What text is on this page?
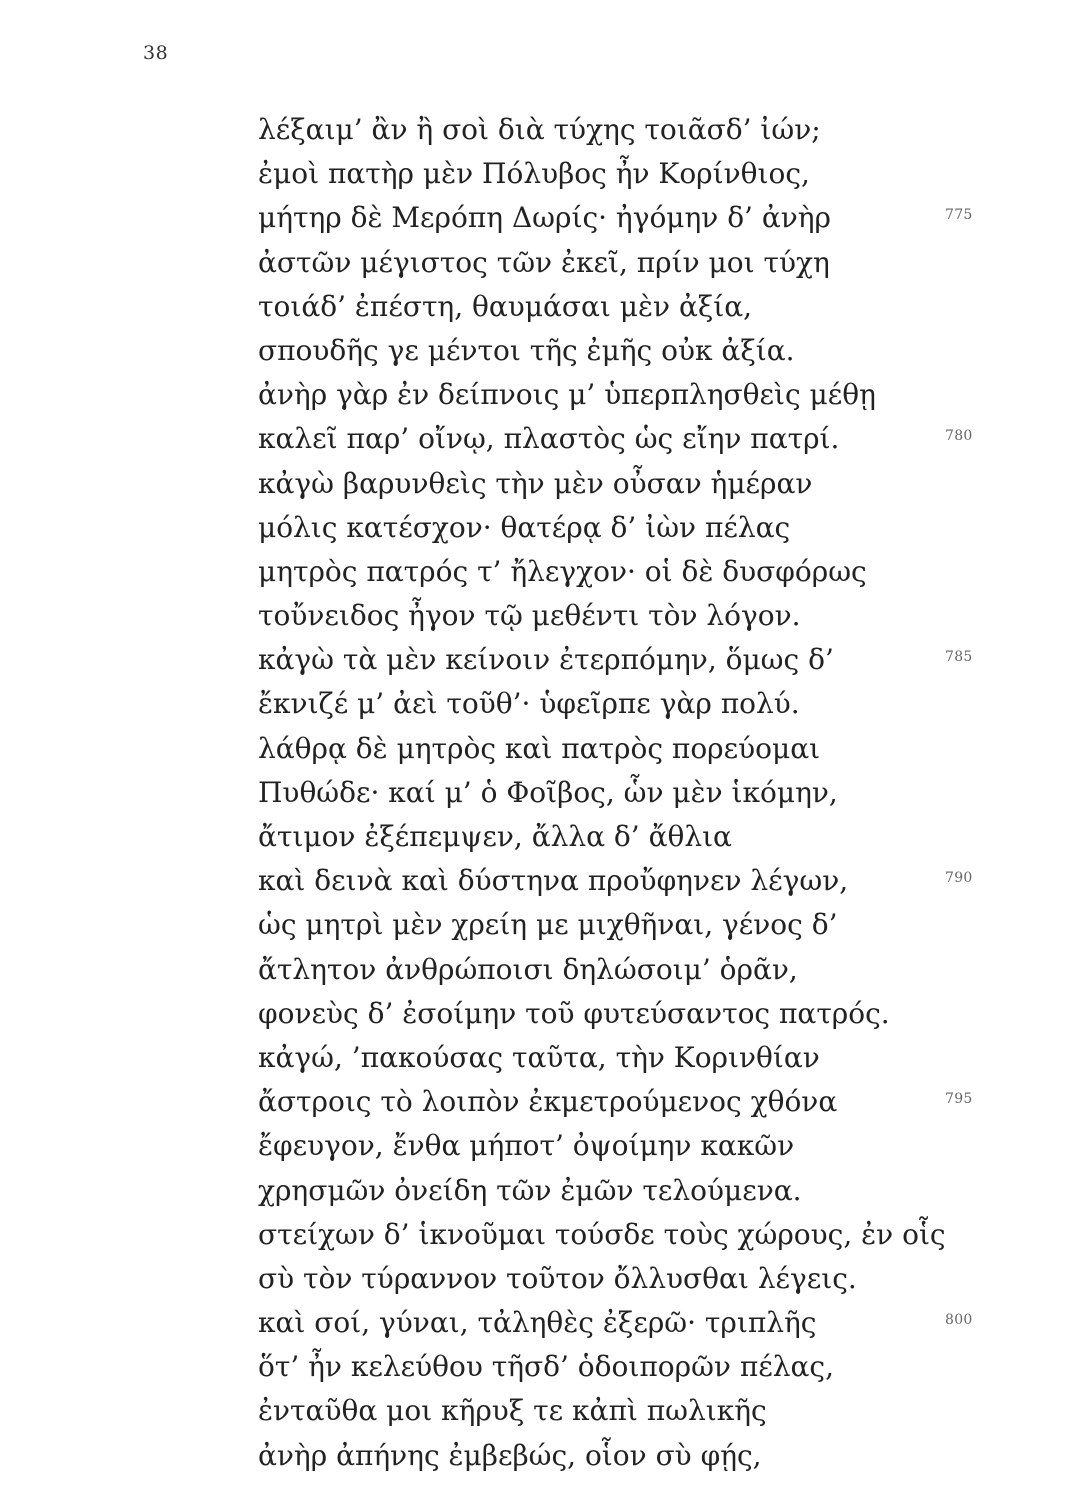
38
λέξαιμ’ ἂν ἢ σοὶ διὰ τύχης τοιᾶσδ’ ἰών;
ἐμοὶ πατὴρ μὲν Πόλυβος ἦν Κορίνθιος,
μήτηρ δὲ Μερόπη Δωρίς· ἠγόμην δ’ ἀνὴρ	775
ἀστῶν μέγιστος τῶν ἐκεῖ, πρίν μοι τύχη
τοιάδ’ ἐπέστη, θαυμάσαι μὲν ἀξία,
σπουδῆς γε μέντοι τῆς ἐμῆς οὐκ ἀξία.
ἀνὴρ γὰρ ἐν δείπνοις μ’ ὑπερπλησθεὶς μέθῃ
καλεῖ παρ’ οἴνῳ, πλαστὸς ὡς εἴην πατρί.	780
κἀγὼ βαρυνθεὶς τὴν μὲν οὖσαν ἡμέραν
μόλις κατέσχον· θατέρᾳ δ’ ἰὼν πέλας
μητρὸς πατρός τ’ ἤλεγχον· οἱ δὲ δυσφόρως
τοὔνειδος ἦγον τῷ μεθέντι τὸν λόγον.
κἀγὼ τὰ μὲν κείνοιν ἐτερπόμην, ὅμως δ’	785
ἔκνιζέ μ’ ἀεὶ τοῦθ’· ὑφεῖρπε γὰρ πολύ.
λάθρᾳ δὲ μητρὸς καὶ πατρὸς πορεύομαι
Πυθώδε· καί μ’ ὁ Φοῖβος, ὧν μὲν ἱκόμην,
ἄτιμον ἐξέπεμψεν, ἄλλα δ’ ἄθλια
καὶ δεινὰ καὶ δύστηνα προὔφηνεν λέγων,	790
ὡς μητρὶ μὲν χρείη με μιχθῆναι, γένος δ’
ἄτλητον ἀνθρώποισι δηλώσοιμ’ ὁρᾶν,
φονεὺς δ’ ἐσοίμην τοῦ φυτεύσαντος πατρός.
κἀγώ, ’πακούσας ταῦτα, τὴν Κορινθίαν
ἄστροις τὸ λοιπὸν ἐκμετρούμενος χθόνα	795
ἔφευγον, ἔνθα μήποτ’ ὀψοίμην κακῶν
χρησμῶν ὀνείδη τῶν ἐμῶν τελούμενα.
στείχων δ’ ἱκνοῦμαι τούσδε τοὺς χώρους, ἐν οἷς
σὺ τὸν τύραννον τοῦτον ὄλλυσθαι λέγεις.
καὶ σοί, γύναι, τἀληθὲς ἐξερῶ· τριπλῆς	800
ὅτ’ ἦν κελεύθου τῆσδ’ ὁδοιπορῶν πέλας,
ἐνταῦθα μοι κῆρυξ τε κἀπὶ πωλικῆς
ἀνὴρ ἀπήνης ἐμβεβώς, οἷον σὺ φῄς,
